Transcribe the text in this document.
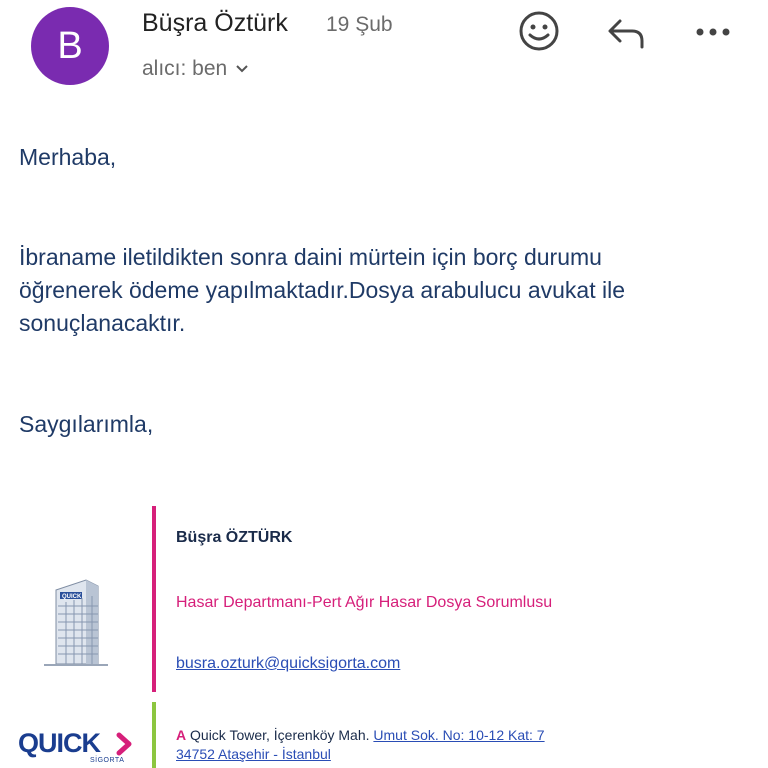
B
Büşra Öztürk 19 Şub
alıcı: ben
Merhaba,
İbraname iletildikten sonra daini mürtein için borç durumu
öğrenerek ödeme yapılmaktadır.Dosya arabulucu avukat ile
sonuçlanacaktır.
Saygılarımla,
QUICK
QUICK
SİGORTA
Büşra ÖZTÜRK
Hasar Departmanı-Pert Ağır Hasar Dosya Sorumlusu
busra.ozturk@quicksigorta.com
A Quick Tower, İçerenköy Mah. Umut Sok. No: 10-12 Kat: 7
34752 Ataşehir - İstanbul
